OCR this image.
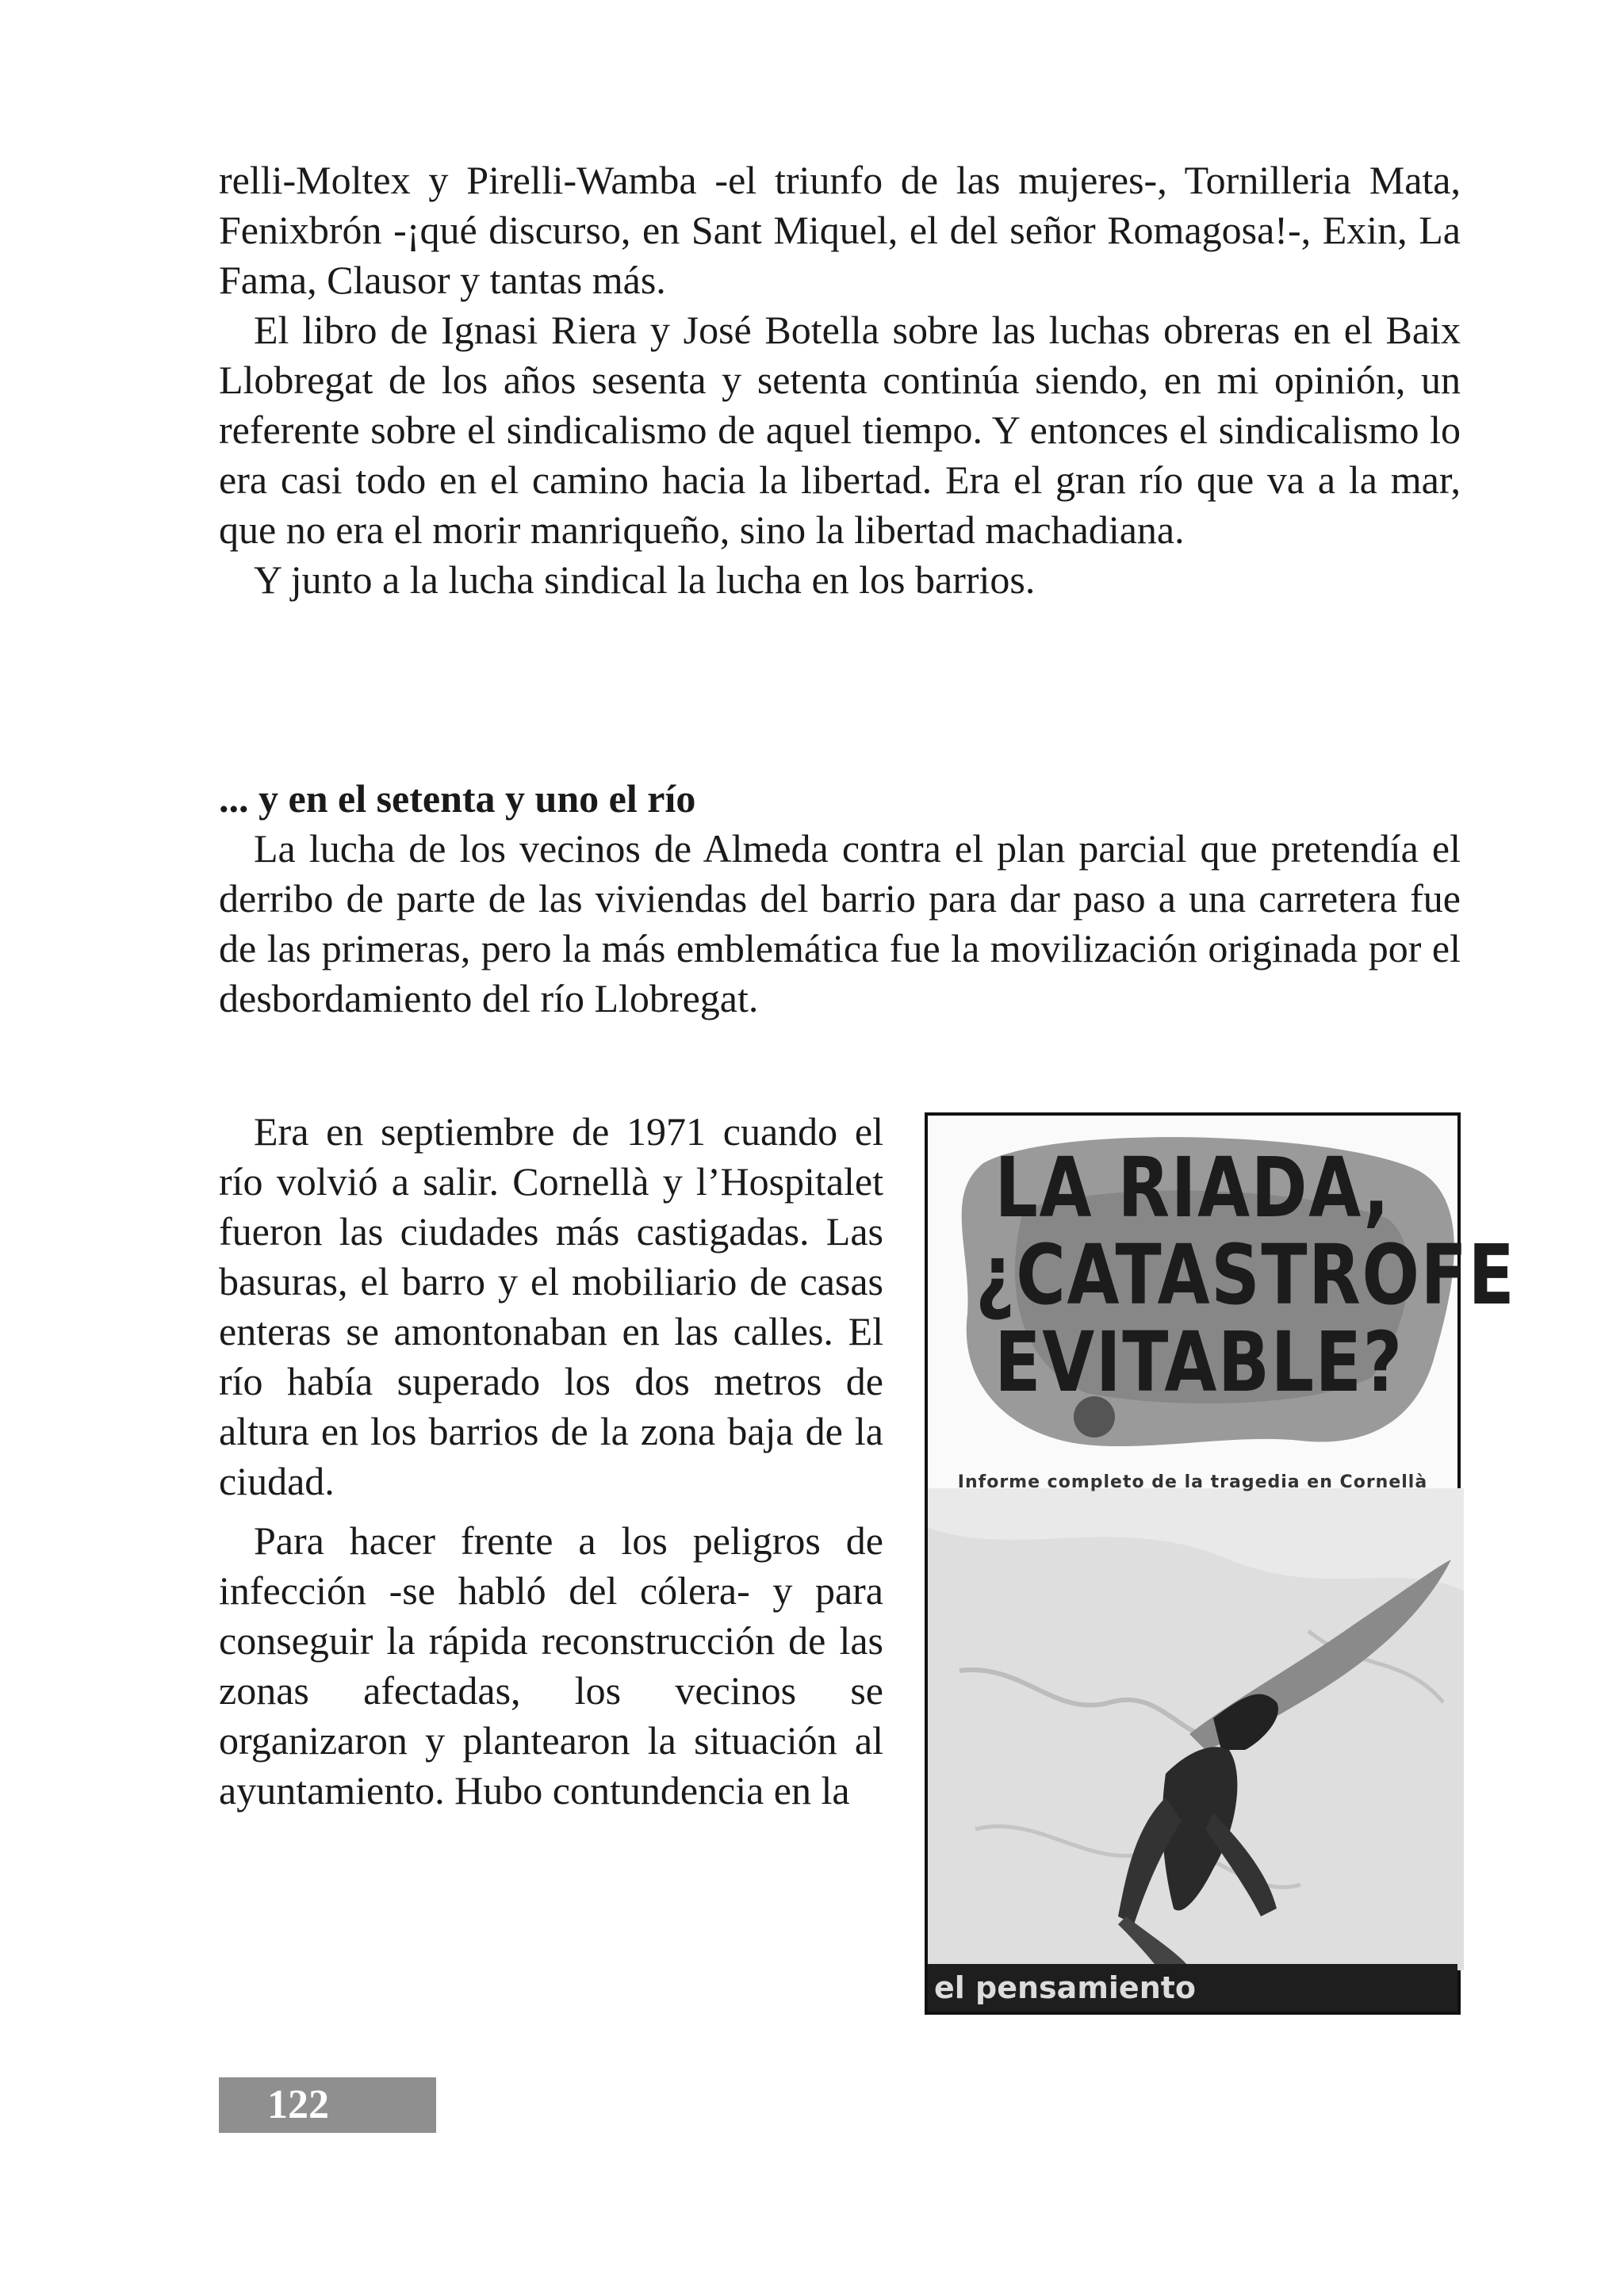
relli-Moltex y Pirelli-Wamba -el triunfo de las mujeres-, Tornilleria Mata, Fenixbrón -¡qué discurso, en Sant Miquel, el del señor Romagosa!-, Exin, La Fama, Clausor y tantas más.

El libro de Ignasi Riera y José Botella sobre las luchas obreras en el Baix Llobregat de los años sesenta y setenta continúa siendo, en mi opinión, un referente sobre el sindicalismo de aquel tiempo. Y entonces el sindicalismo lo era casi todo en el camino hacia la libertad. Era el gran río que va a la mar, que no era el morir manriqueño, sino la libertad machadiana.

Y junto a la lucha sindical la lucha en los barrios.

... y en el setenta y uno el río

La lucha de los vecinos de Almeda contra el plan parcial que pretendía el derribo de parte de las viviendas del barrio para dar paso a una carretera fue de las primeras, pero la más emblemática fue la movilización originada por el desbordamiento del río Llobregat.

Era en septiembre de 1971 cuando el río volvió a salir. Cornellà y l’Hospitalet fueron las ciudades más castigadas. Las basuras, el barro y el mobiliario de casas enteras se amontonaban en las calles. El río había superado los dos metros de altura en los barrios de la zona baja de la ciudad.

Para hacer frente a los peligros de infección -se habló del cólera- y para conseguir la rápida reconstrucción de las zonas afectadas, los vecinos se organizaron y plantearon la situación al ayuntamiento. Hubo contundencia en la

LA RIADA,
¿CATASTROFE
EVITABLE?
Informe completo de la tragedia en Cornellà
el pensamiento
122
